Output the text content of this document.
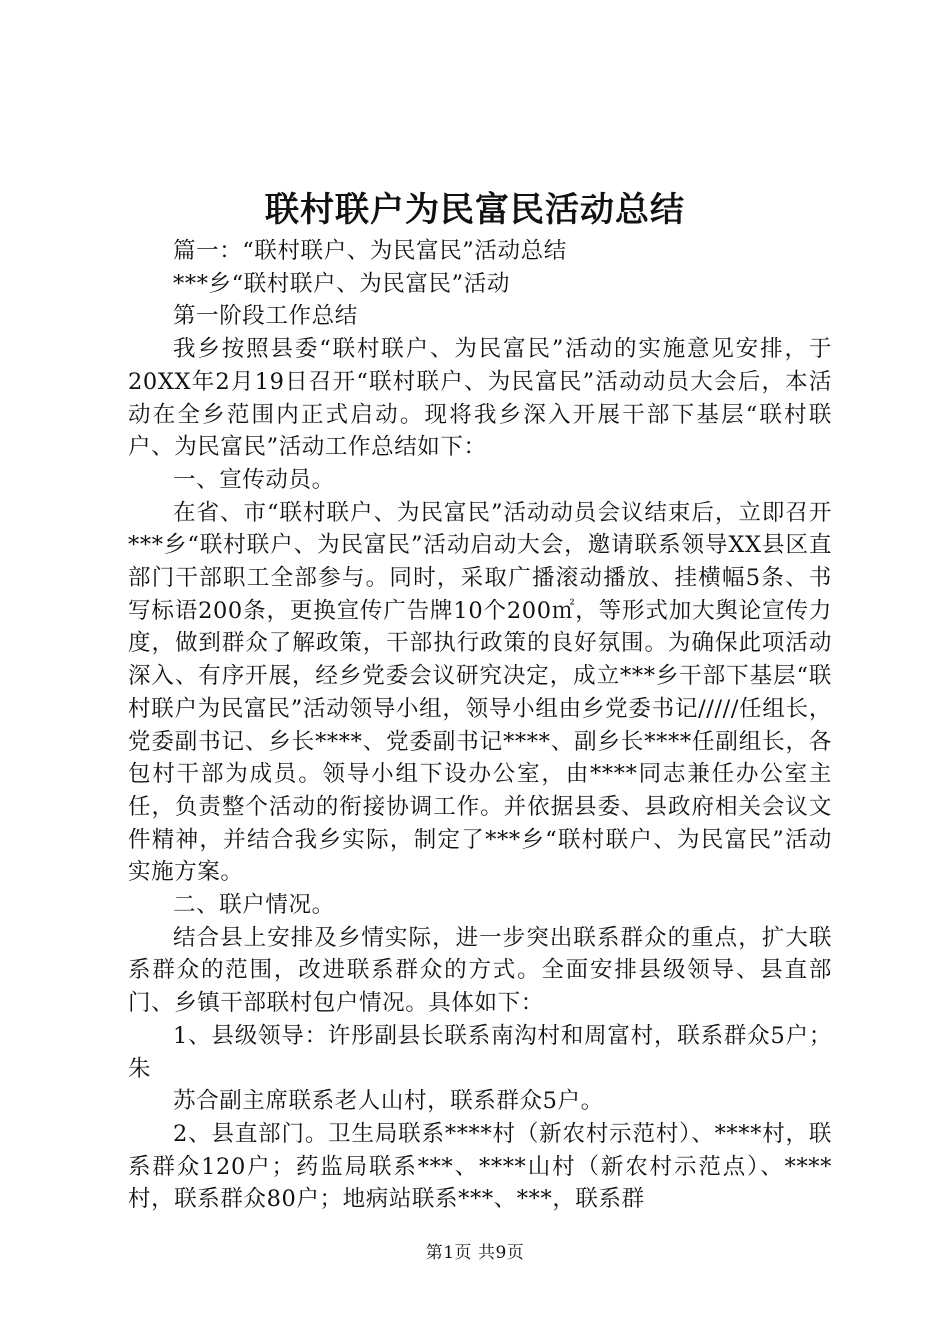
联村联户为民富民活动总结

篇一：“联村联户、为民富民”活动总结

***乡“联村联户、为民富民”活动

第一阶段工作总结

我乡按照县委“联村联户、为民富民”活动的实施意见安排，于20XX年2月19日召开“联村联户、为民富民”活动动员大会后，本活动在全乡范围内正式启动。现将我乡深入开展干部下基层“联村联户、为民富民”活动工作总结如下：

一、宣传动员。

在省、市“联村联户、为民富民”活动动员会议结束后，立即召开***乡“联村联户、为民富民”活动启动大会，邀请联系领导XX县区直部门干部职工全部参与。同时，采取广播滚动播放、挂横幅5条、书写标语200条，更换宣传广告牌10个200㎡，等形式加大舆论宣传力度，做到群众了解政策，干部执行政策的良好氛围。为确保此项活动深入、有序开展，经乡党委会议研究决定，成立***乡干部下基层“联村联户为民富民”活动领导小组，领导小组由乡党委书记/////任组长，党委副书记、乡长****、党委副书记****、副乡长****任副组长，各包村干部为成员。领导小组下设办公室，由****同志兼任办公室主任，负责整个活动的衔接协调工作。并依据县委、县政府相关会议文件精神，并结合我乡实际，制定了***乡“联村联户、为民富民”活动实施方案。

二、联户情况。

结合县上安排及乡情实际，进一步突出联系群众的重点，扩大联系群众的范围，改进联系群众的方式。全面安排县级领导、县直部门、乡镇干部联村包户情况。具体如下：

1、县级领导：许彤副县长联系南沟村和周富村，联系群众5户；朱

苏合副主席联系老人山村，联系群众5户。

2、县直部门。卫生局联系****村（新农村示范村）、****村，联系群众120户；药监局联系***、****山村（新农村示范点）、****村，联系群众80户；地病站联系***、***，联系群

第1页 共9页
